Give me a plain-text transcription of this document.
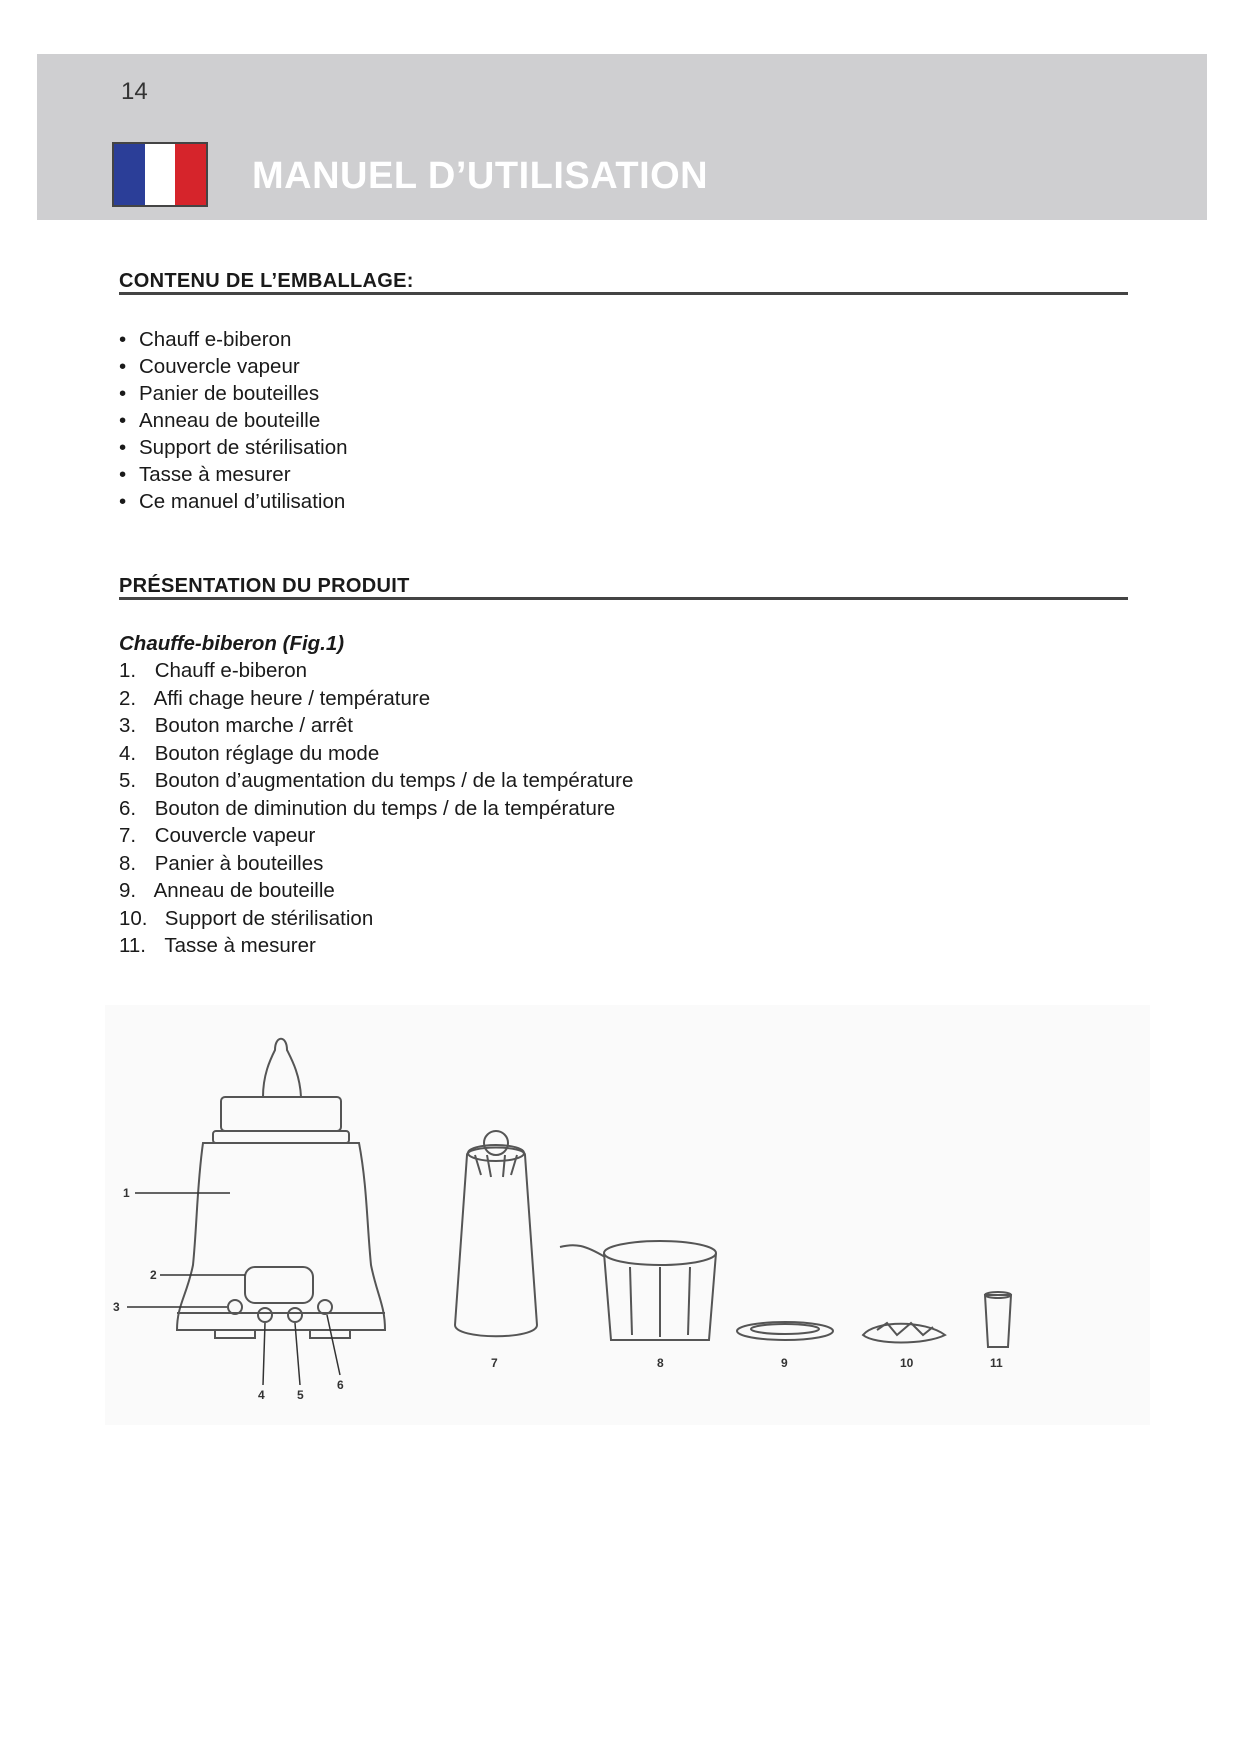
14
MANUEL D’UTILISATION
CONTENU DE L’EMBALLAGE:
• Chauff e-biberon
• Couvercle vapeur
• Panier de bouteilles
• Anneau de bouteille
• Support de stérilisation
• Tasse à mesurer
• Ce manuel d’utilisation
PRÉSENTATION DU PRODUIT
Chauffe-biberon (Fig.1)
1. Chauff e-biberon
2. Affi chage heure / température
3. Bouton marche / arrêt
4. Bouton réglage du mode
5. Bouton d’augmentation du temps / de la température
6. Bouton de diminution du temps / de la température
7. Couvercle vapeur
8. Panier à bouteilles
9. Anneau de bouteille
10. Support de stérilisation
11. Tasse à mesurer
1
2
3
4	5
6
7	8	9	10	11
